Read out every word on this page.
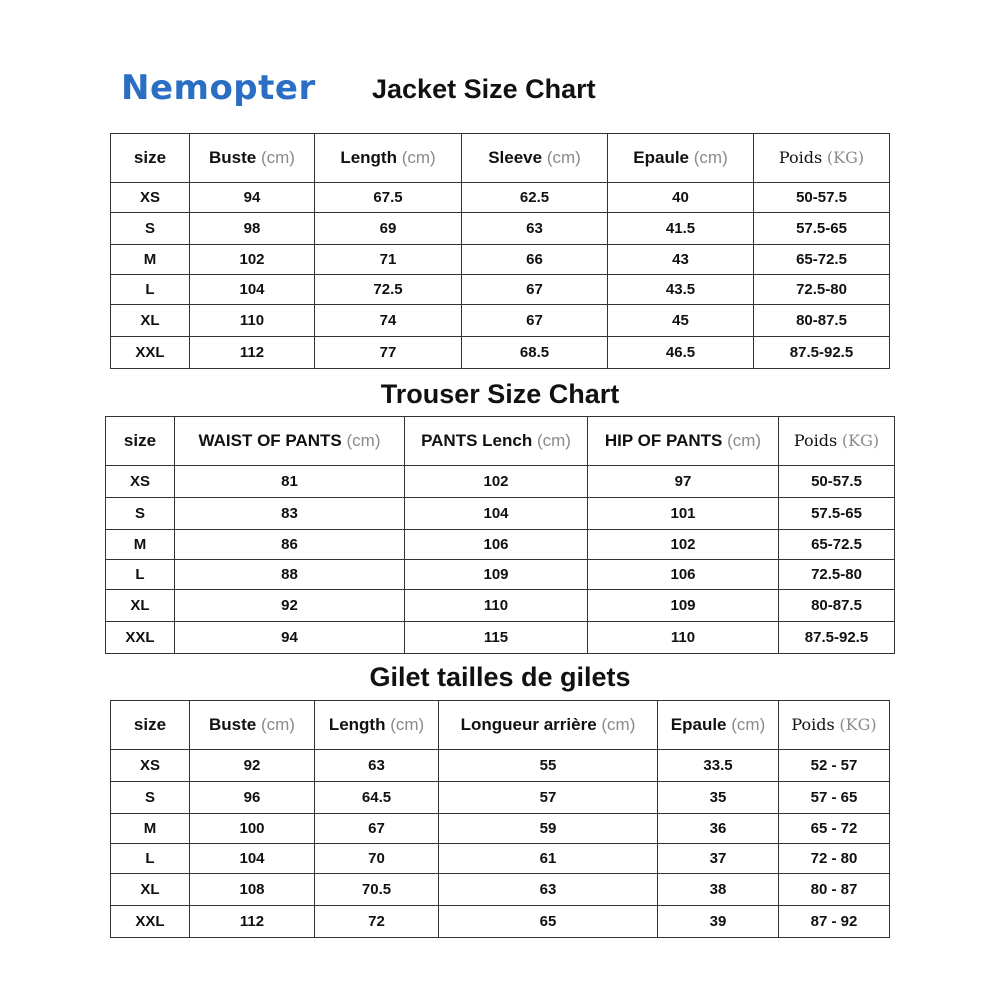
Nemopter Jacket Size Chart
Trouser Size Chart
Gilet tailles de gilets
size	Buste (cm)	Length (cm)	Sleeve (cm)	Epaule (cm)	Poids (KG)
XS	94	67.5	62.5	40	50-57.5
S	98	69	63	41.5	57.5-65
M	102	71	66	43	65-72.5
L	104	72.5	67	43.5	72.5-80
XL	110	74	67	45	80-87.5
XXL	112	77	68.5	46.5	87.5-92.5
size	WAIST OF PANTS (cm)	PANTS Lench (cm)	HIP OF PANTS (cm)	Poids (KG)
XS	81	102	97	50-57.5
S	83	104	101	57.5-65
M	86	106	102	65-72.5
L	88	109	106	72.5-80
XL	92	110	109	80-87.5
XXL	94	115	110	87.5-92.5
size	Buste (cm)	Length (cm)	Longueur arrière (cm)	Epaule (cm)	Poids (KG)
XS	92	63	55	33.5	52 - 57
S	96	64.5	57	35	57 - 65
M	100	67	59	36	65 - 72
L	104	70	61	37	72 - 80
XL	108	70.5	63	38	80 - 87
XXL	112	72	65	39	87 - 92
